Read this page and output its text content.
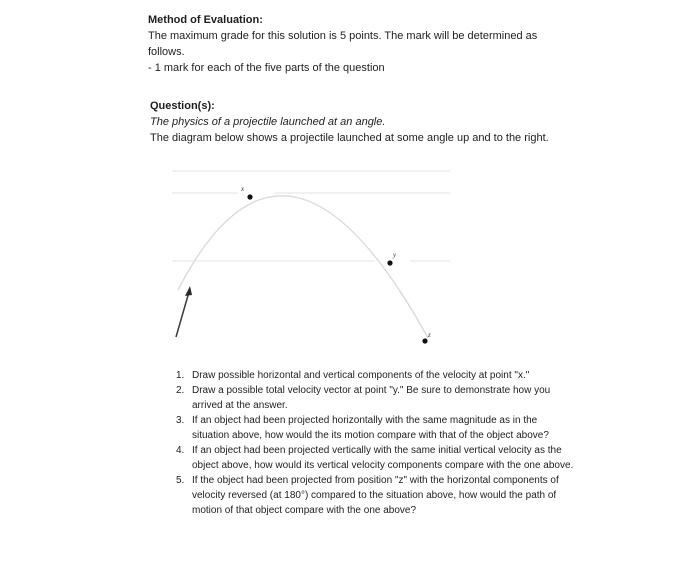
Method of Evaluation:

The maximum grade for this solution is 5 points. The mark will be determined as

follows.

- 1 mark for each of the five parts of the question

Question(s):

The physics of a projectile launched at an angle.

The diagram below shows a projectile launched at some angle up and to the right.

x
y
z
1. Draw possible horizontal and vertical components of the velocity at point "x."
2. Draw a possible total velocity vector at point "y." Be sure to demonstrate how you arrived at the answer.
3. If an object had been projected horizontally with the same magnitude as in the situation above, how would the its motion compare with that of the object above?
4. If an object had been projected vertically with the same initial vertical velocity as the object above, how would its vertical velocity components compare with the one above.
5. If the object had been projected from position "z" with the horizontal components of velocity reversed (at 180°) compared to the situation above, how would the path of motion of that object compare with the one above?
